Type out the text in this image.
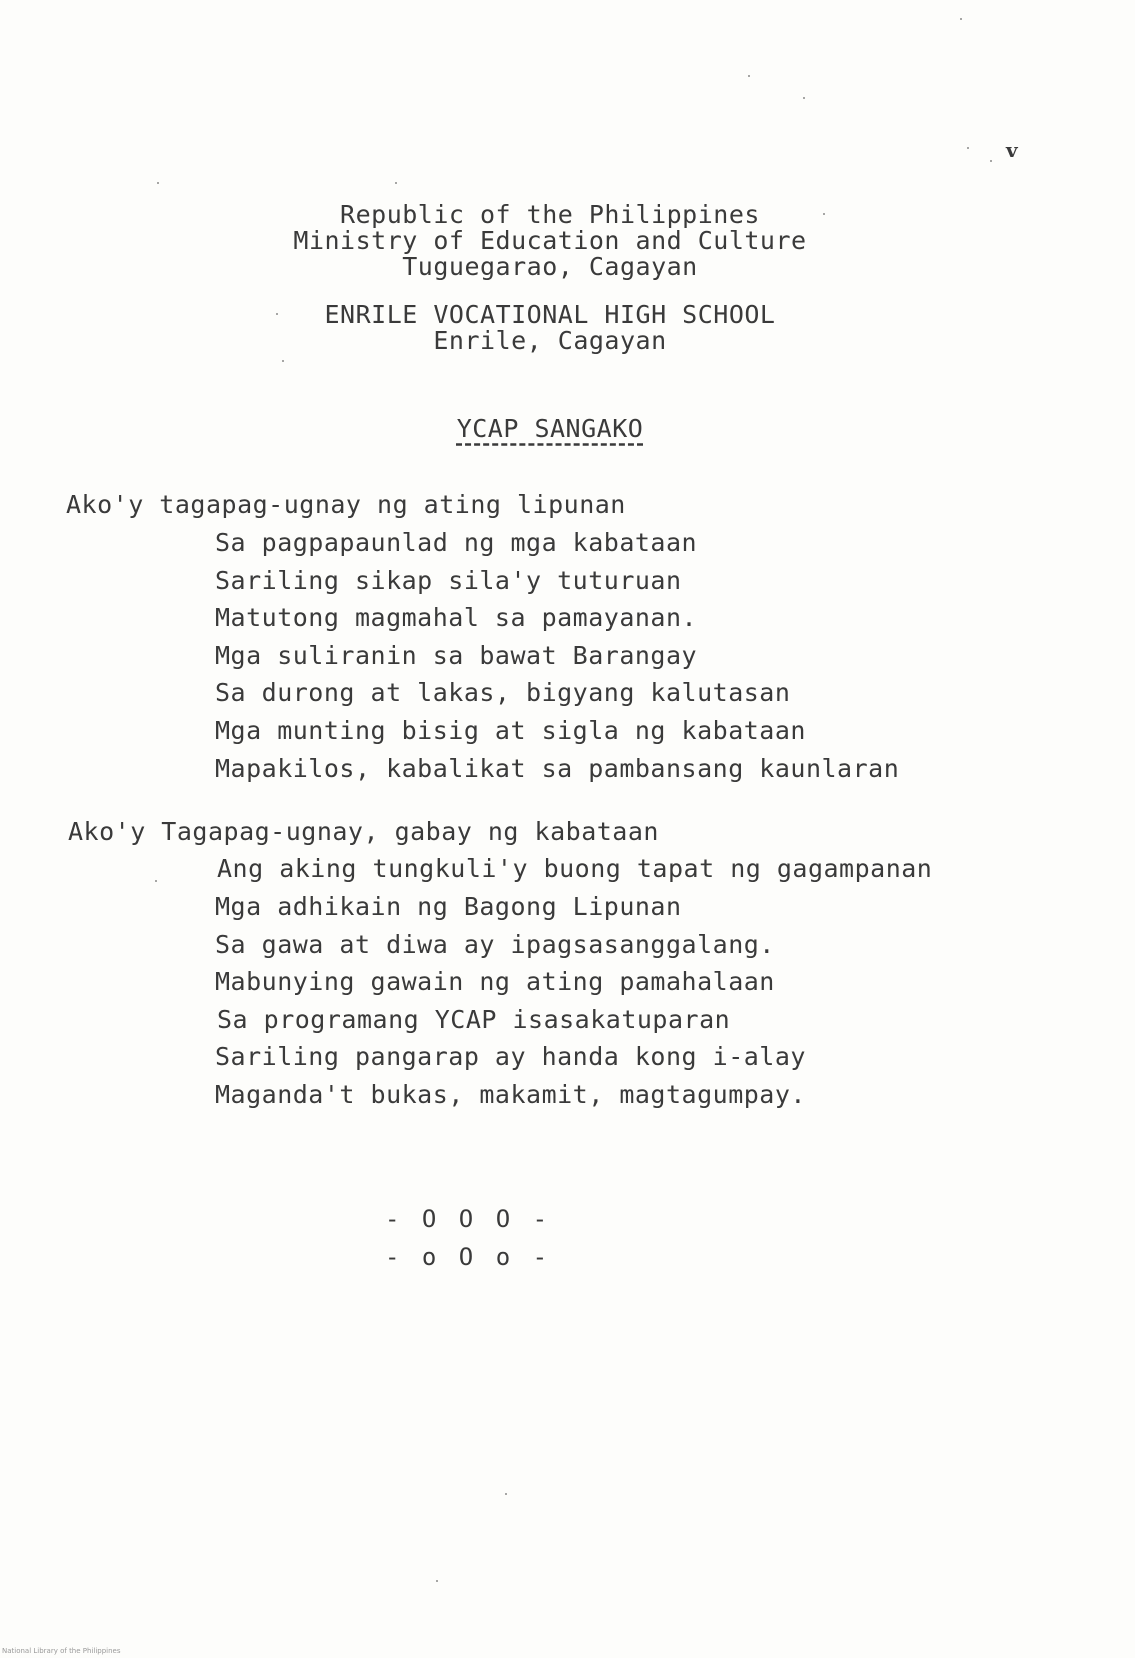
v
Republic of the Philippines
Ministry of Education and Culture
Tuguegarao, Cagayan
ENRILE VOCATIONAL HIGH SCHOOL
Enrile, Cagayan
YCAP SANGAKO
Ako'y tagapag-ugnay ng ating lipunan
Sa pagpapaunlad ng mga kabataan
Sariling sikap sila'y tuturuan
Matutong magmahal sa pamayanan.
Mga suliranin sa bawat Barangay
Sa durong at lakas, bigyang kalutasan
Mga munting bisig at sigla ng kabataan
Mapakilos, kabalikat sa pambansang kaunlaran
Ako'y Tagapag-ugnay, gabay ng kabataan
Ang aking tungkuli'y buong tapat ng gagampanan
Mga adhikain ng Bagong Lipunan
Sa gawa at diwa ay ipagsasanggalang.
Mabunying gawain ng ating pamahalaan
Sa programang YCAP isasakatuparan
Sariling pangarap ay handa kong i-alay
Maganda't bukas, makamit, magtagumpay.
- O O O -
- o O o -
National Library of the Philippines
